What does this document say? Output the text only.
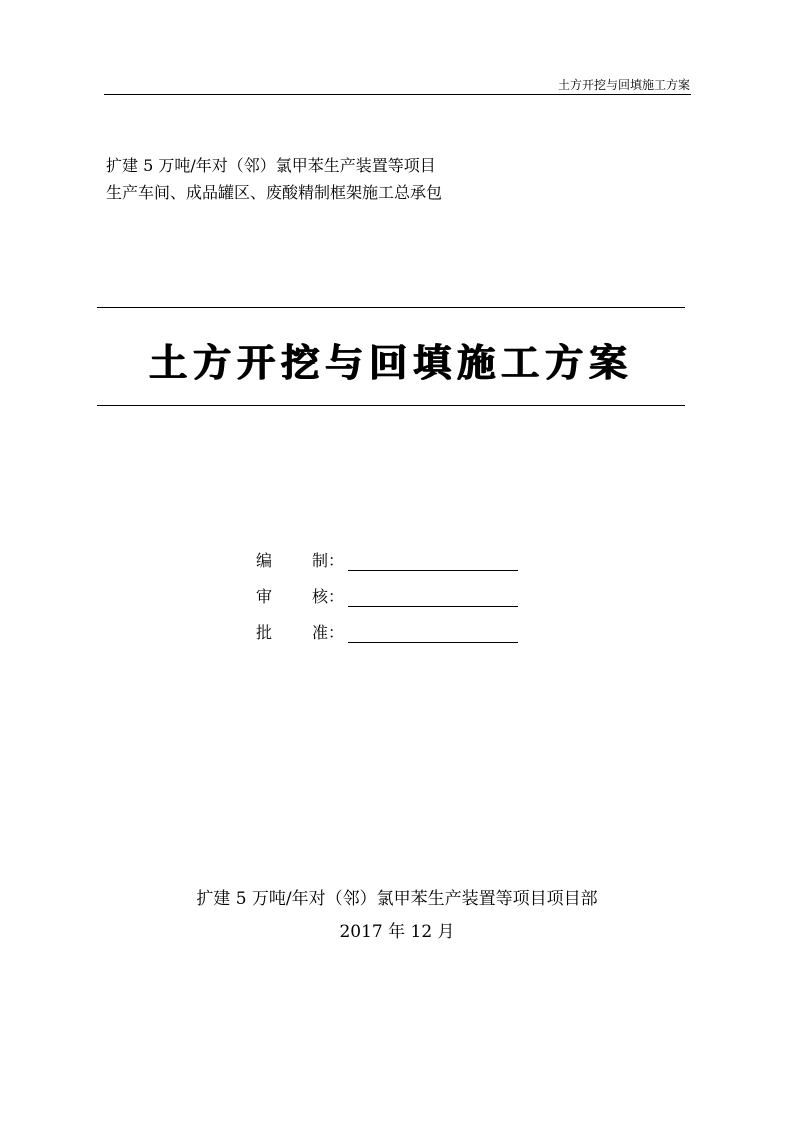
土方开挖与回填施工方案
扩建 5 万吨/年对（邻）氯甲苯生产装置等项目
生产车间、成品罐区、废酸精制框架施工总承包
土方开挖与回填施工方案
编	制：
审	核：
批	准：
扩建 5 万吨/年对（邻）氯甲苯生产装置等项目项目部
2017 年 12 月
